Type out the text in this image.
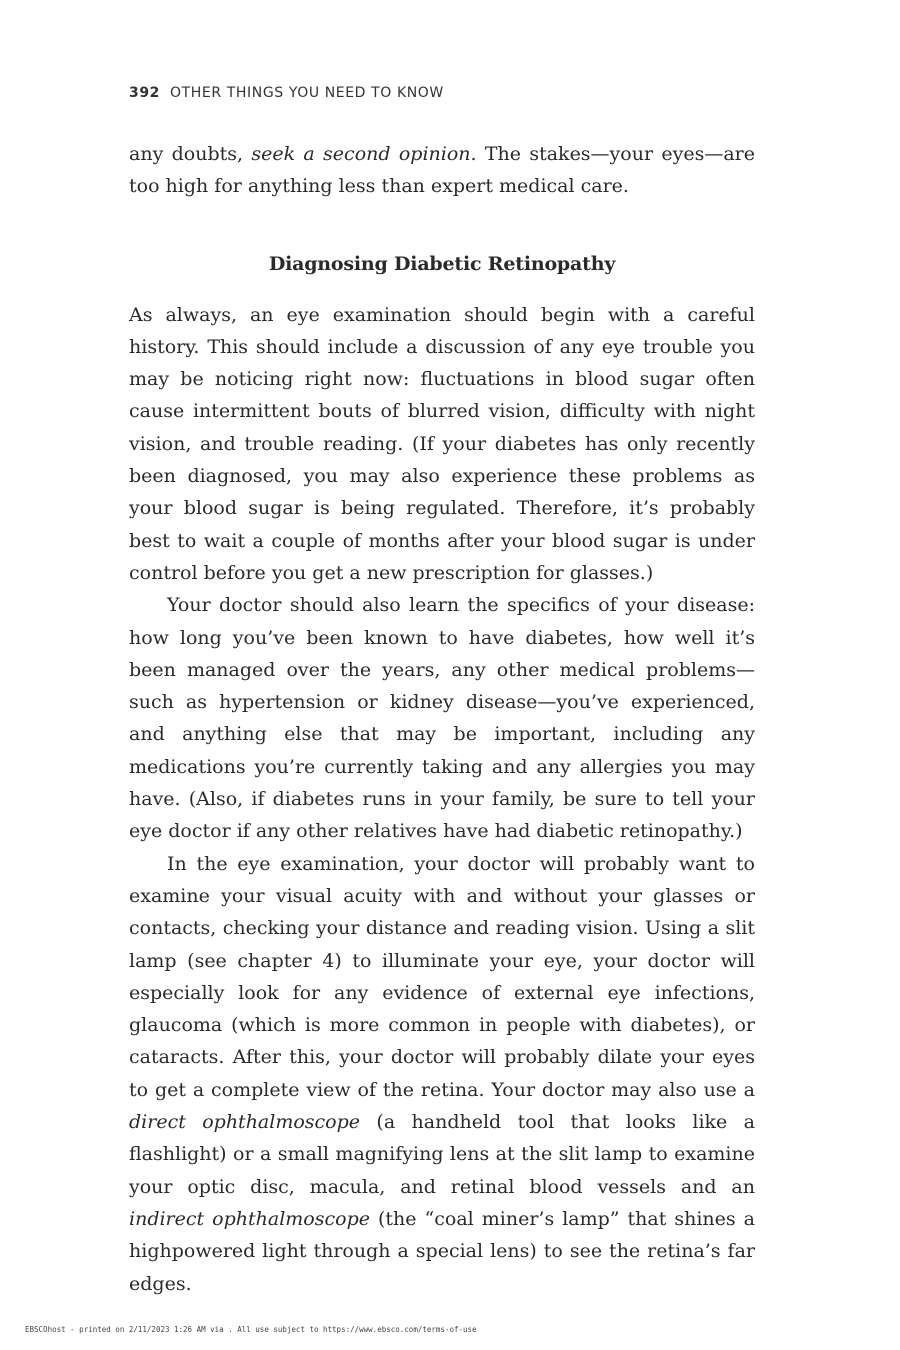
392 OTHER THINGS YOU NEED TO KNOW

any doubts, seek a second opinion. The stakes—your eyes—are too high for anything less than expert medical care.

Diagnosing Diabetic Retinopathy

As always, an eye examination should begin with a careful history. This should include a discussion of any eye trouble you may be noticing right now: fluctuations in blood sugar often cause intermittent bouts of blurred vision, difficulty with night vision, and trouble reading. (If your diabetes has only recently been diagnosed, you may also experience these problems as your blood sugar is being regulated. Therefore, it’s probably best to wait a couple of months after your blood sugar is under control before you get a new prescription for glasses.)

Your doctor should also learn the specifics of your disease: how long you’ve been known to have diabetes, how well it’s been managed over the years, any other medical problems—such as hypertension or kidney disease—you’ve experienced, and anything else that may be important, including any medications you’re currently taking and any allergies you may have. (Also, if diabetes runs in your family, be sure to tell your eye doctor if any other relatives have had diabetic retinopathy.)

In the eye examination, your doctor will probably want to examine your visual acuity with and without your glasses or contacts, checking your distance and reading vision. Using a slit lamp (see chapter 4) to illuminate your eye, your doctor will especially look for any evidence of external eye infections, glaucoma (which is more common in people with diabetes), or cataracts. After this, your doctor will probably dilate your eyes to get a complete view of the retina. Your doctor may also use a direct ophthalmoscope (a handheld tool that looks like a flashlight) or a small magnifying lens at the slit lamp to examine your optic disc, macula, and retinal blood vessels and an indirect ophthalmoscope (the “coal miner’s lamp” that shines a highpowered light through a special lens) to see the retina’s far edges.

EBSCOhost - printed on 2/11/2023 1:26 AM via . All use subject to https://www.ebsco.com/terms-of-use
